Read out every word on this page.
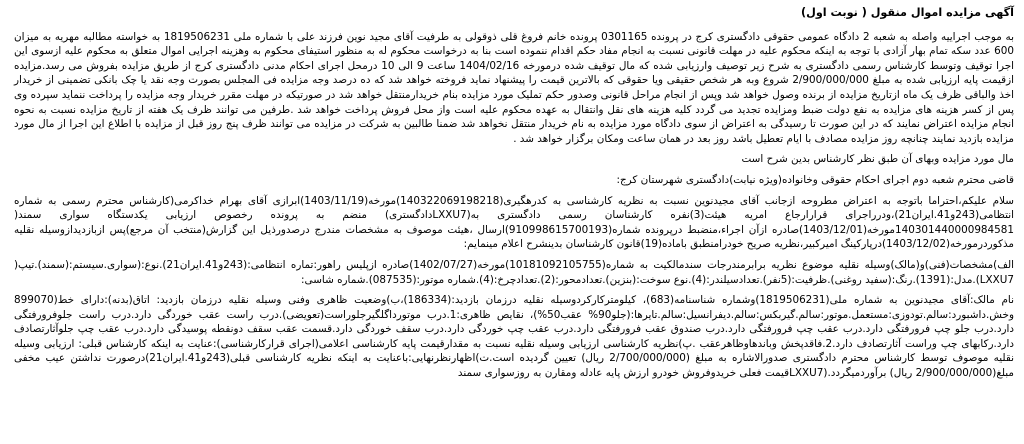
آگهی مزایده اموال منقول ( نوبت اول)

به موجب اجراییه واصله به شعبه 2 دادگاه عمومی حقوقی دادگستری کرج در پرونده 0301165 پرونده خانم فروغ قلی ذوقولی به طرفیت آقای مجید نوین فرزند علی با شماره ملی 1819506231 به خواسته مطالبه مهریه به میزان 600 عدد سکه تمام بهار آزادی با توجه به اینکه محکوم علیه در مهلت قانونی نسبت به انجام مفاد حکم اقدام ننموده است بنا به درخواست محکوم له به منظور استیفای محکوم به وهزینه اجرایی اموال متعلق به محکوم علیه ازسوی این اجرا توقیف وتوسط کارشناس رسمی دادگستری به شرح زیر توصیف وارزیابی شده که مال توقیف شده درمورخه 1404/02/16 ساعت 9 الی 10 درمحل اجرای احکام مدنی دادگستری کرج از طریق مزایده بفروش می رسد.مزایده ازقیمت پایه ارزیابی شده به مبلغ 2/900/000/000 شروع وبه هر شخص حقیقی ویا حقوقی که بالاترین قیمت را پیشنهاد نماید فروخته خواهد شد که ده درصد وجه مزایده فی المجلس بصورت وجه نقد یا چک بانکی تضمینی از خریدار اخذ والباقی ظرف یک ماه ازتاریخ مزایده از برنده وصول خواهد شد وپس از انجام مراحل قانونی وصدور حکم تملیک مورد مزایده بنام خریدارمنتقل خواهد شد در صورتیکه در مهلت مقرر خریدار وجه مزایده را پرداخت ننماید سپرده وی پس از کسر هزینه های مزایده به نفع دولت ضبط ومزایده تجدید می گردد کلیه هزینه های نقل وانتقال به عهده محکوم علیه است واز محل فروش پرداخت خواهد شد .طرفین می توانند ظرف یک هفته از تاریخ مزایده نسبت به نحوه انجام مزایده اعتراض نمایند که در این صورت تا رسیدگی به اعتراض از سوی دادگاه مورد مزایده به نام خریدار منتقل نخواهد شد ضمنا طالبین به شرکت در مزایده می توانند ظرف پنج روز قبل از مزایده با اطلاع این اجرا از مال مورد مزایده بازدید نمایند چنانچه روز مزایده مصادف با ایام تعطیل باشد روز بعد در همان ساعت ومکان برگزار خواهد شد .

مال مورد مزایده وبهای آن طبق نظر کارشناس بدین شرح است
قاضی محترم شعبه دوم اجرای احکام حقوقی وخانواده(ویژه نیابت)دادگستری شهرستان کرج:

سلام علیکم،احتراما باتوجه به اعتراض مطروحه ازجانب آقای مجیدنوین نسبت به نظریه کارشناسی به کدرهگیری(140322069198218)مورخه(1403/11/19)ابرازی آقای بهرام خداکرمی(کارشناس محترم رسمی به شماره انتظامی(243و41.ایران21)،ودرراجرای قرارارجاع امریه هیئت(3)نفره کارشناسان رسمی دادگستری به(LXXU7دادگستری) منضم به پرونده رخصوص ارزیابی یکدستگاه سواری سمند( 140301440000984581مورخه(1403/12/01)صادره ازآن اجراء،منضبط درپرونده شماره(910998615700193)ارسال ،هیئت موصوف به مشخصات مندرج درصدورذیل این گزارش(منتخب آن مرجع)پس ازبازدیدازوسیله نقلیه مذکوردرمورخه(1403/12/02)درپارکینگ امیرکبیر،نظریه صریح خودرامنطبق باماده(19)قانون کارشناسان بدینشرح اعلام مینمایم:

الف)مشخصات(فنی)و(مالک)وسیله نقلیه موضوع نظریه برابرمندرجات سندمالکیت به شماره(10181092105755)مورخه(1402/07/27)صادره ازپلیس راهور:تماره انتظامی:(243و41.ایران21).نوع:(سواری.سیستم:(سمند).تیپ( LXXU7).مدل:(1391).رنگ:(سفید روغنی).ظرفیت:(5نفر).تعدادسیلندر:(4).نوع سوخت:(بنزین).تعدادمحور:(2).تعدادچرخ:(4).شماره موتور:(087535).شماره شاسی:

نام مالک:آقای مجیدنوین به شماره ملی(1819506231)وشماره شناسنامه(683)، کیلومترکارکردوسیله نقلیه درزمان بازدید:(186334)،ب)وضعیت ظاهری وفنی وسیله نقلیه درزمان بازدید: اتاق(بدنه):دارای خط(899070 وخش.داشبورد:سالم.تودوزی:مستعمل.موتور:سالم.گیربکس:سالم.دیفرانسیل:سالم.تایرها:(جلو90% عقب50%)، نقایص ظاهری:1.درب موتورداگلگیرجلوراست(تعویضی).درب راست عقب خوردگی دارد.درب راست جلوفرورفتگی دارد.درب جلو چپ فرورفتگی دارد.درب عقب چپ فرورفتگی دارد.درب صندوق عقب فرورفتگی دارد.درب عقب چپ خوردگی دارد.درب سقف خوردگی دارد.قسمت عقب سقف دونقطه پوسیدگی دارد.درب عقب چپ جلوآثارتصادف دارد.رکابهای چپ وراست آثارتصادف دارد.2.فاقدپخش وباندهاوظاهرعقب .پ)نظریه کارشناسی ارزیابی وسیله نقلیه نسبت به مقدارقیمت پایه کارشناسی اعلامی(اجرای قرارکارشناسی):عنایت به اینکه کارشناس قبلی: ارزیابی وسیله نقلیه موصوف توسط کارشناس محترم دادگستری صدورالاشاره به مبلغ (2/700/000/000 ریال) تعیین گردیده است.ت)اظهارنظرنهایی:باعنایت به اینکه نظریه کارشناسی قبلی(243و41.ایران21)درصورت نداشتن عیب مخفی مبلغ(2/900/000/000 ریال) برآوردمیگردد.(LXXU7قیمت فعلی خریدوفروش خودرو ارزش پایه عادله ومقارن به روزسواری سمند
